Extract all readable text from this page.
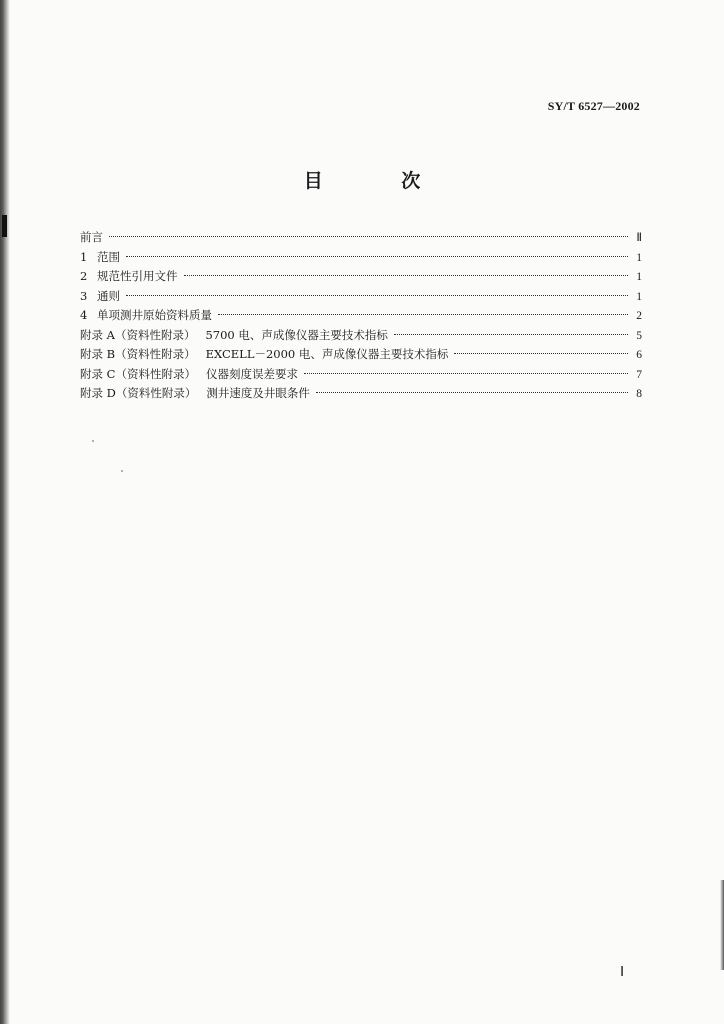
SY/T 6527—2002
目 次
前言	Ⅱ
1 范围	1
2 规范性引用文件	1
3 通则	1
4 单项测井原始资料质量	2
附录 A（资料性附录） 5700 电、声成像仪器主要技术指标	5
附录 B（资料性附录） EXCELL－2000 电、声成像仪器主要技术指标	6
附录 C（资料性附录） 仪器刻度误差要求	7
附录 D（资料性附录） 测井速度及井眼条件	8
Ⅰ
